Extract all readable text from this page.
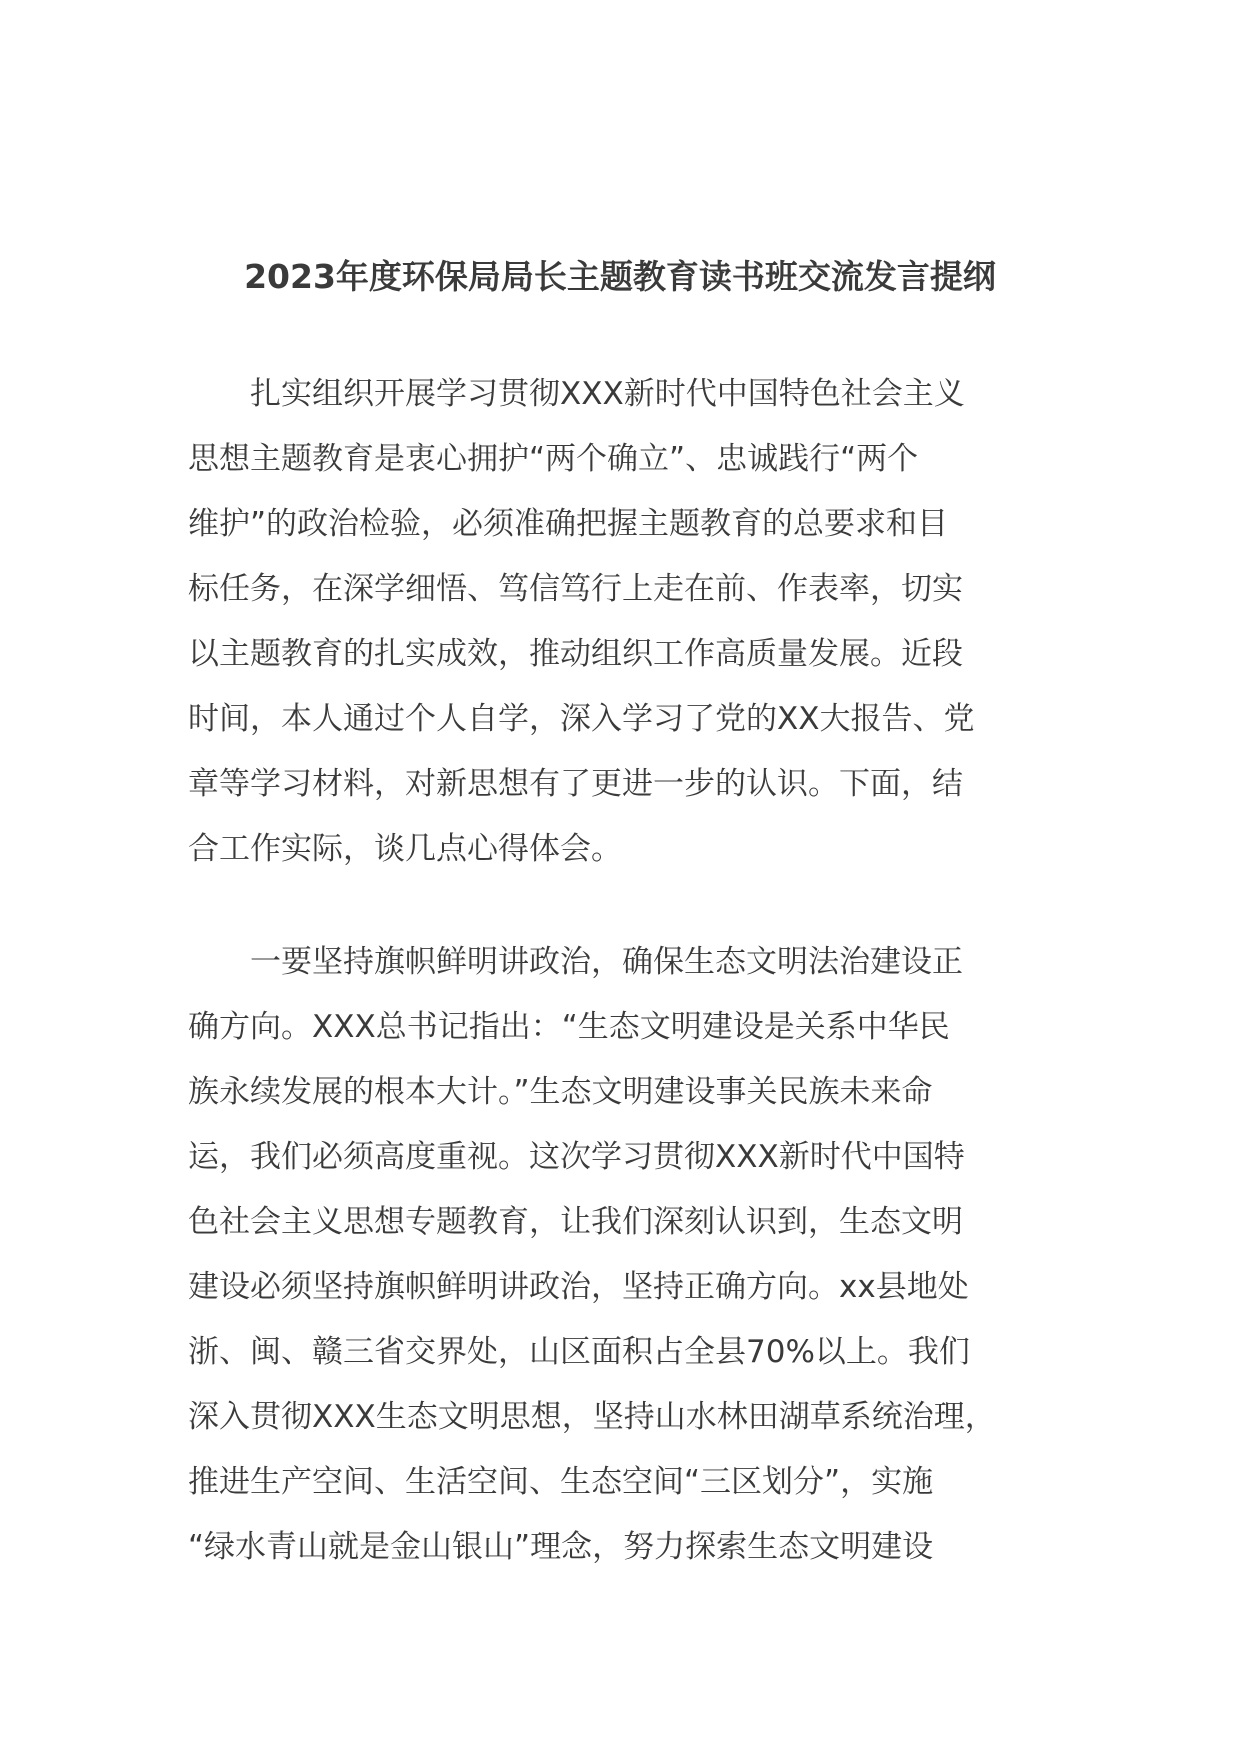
2023年度环保局局长主题教育读书班交流发言提纲
　　扎实组织开展学习贯彻XXX新时代中国特色社会主义
思想主题教育是衷心拥护“两个确立”、忠诚践行“两个
维护”的政治检验，必须准确把握主题教育的总要求和目
标任务，在深学细悟、笃信笃行上走在前、作表率，切实
以主题教育的扎实成效，推动组织工作高质量发展。近段
时间，本人通过个人自学，深入学习了党的XX大报告、党
章等学习材料，对新思想有了更进一步的认识。下面，结
合工作实际，谈几点心得体会。
　　一要坚持旗帜鲜明讲政治，确保生态文明法治建设正
确方向。XXX总书记指出：“生态文明建设是关系中华民
族永续发展的根本大计。”生态文明建设事关民族未来命
运，我们必须高度重视。这次学习贯彻XXX新时代中国特
色社会主义思想专题教育，让我们深刻认识到，生态文明
建设必须坚持旗帜鲜明讲政治，坚持正确方向。xx县地处
浙、闽、赣三省交界处，山区面积占全县70%以上。我们
深入贯彻XXX生态文明思想，坚持山水林田湖草系统治理，
推进生产空间、生活空间、生态空间“三区划分”，实施
“绿水青山就是金山银山”理念，努力探索生态文明建设
